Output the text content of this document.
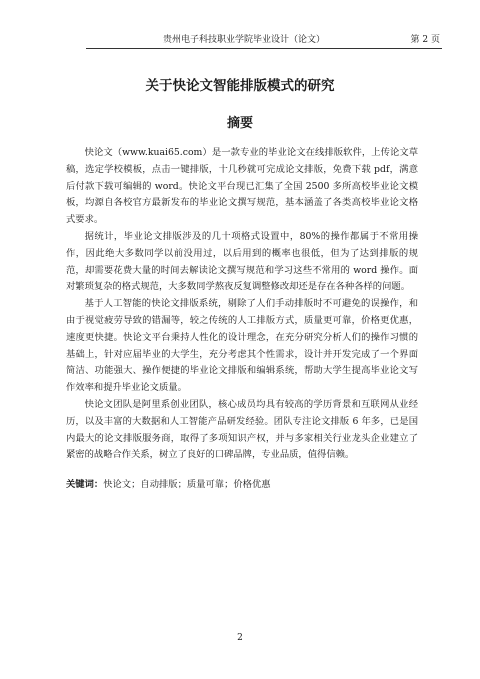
贵州电子科技职业学院毕业设计（论文）	第 2 页
关于快论文智能排版模式的研究
摘要

快论文（www.kuai65.com）是一款专业的毕业论文在线排版软件，上传论文草稿，选定学校模板，点击一键排版，十几秒就可完成论文排版，免费下载 pdf，满意后付款下载可编辑的 word。快论文平台现已汇集了全国 2500 多所高校毕业论文模板，均源自各校官方最新发布的毕业论文撰写规范，基本涵盖了各类高校毕业论文格式要求。

据统计，毕业论文排版涉及的几十项格式设置中，80%的操作都属于不常用操作，因此绝大多数同学以前没用过，以后用到的概率也很低，但为了达到排版的规范，却需要花费大量的时间去解读论文撰写规范和学习这些不常用的 word 操作。面对繁琐复杂的格式规范，大多数同学熬夜反复调整修改却还是存在各种各样的问题。

基于人工智能的快论文排版系统，剔除了人们手动排版时不可避免的误操作，和由于视觉疲劳导致的错漏等，较之传统的人工排版方式，质量更可靠，价格更优惠，速度更快捷。快论文平台秉持人性化的设计理念，在充分研究分析人们的操作习惯的基础上，针对应届毕业的大学生，充分考虑其个性需求，设计并开发完成了一个界面简洁、功能强大、操作便捷的毕业论文排版和编辑系统，帮助大学生提高毕业论文写作效率和提升毕业论文质量。

快论文团队是阿里系创业团队，核心成员均具有较高的学历背景和互联网从业经历，以及丰富的大数据和人工智能产品研发经验。团队专注论文排版 6 年多，已是国内最大的论文排版服务商，取得了多项知识产权，并与多家相关行业龙头企业建立了紧密的战略合作关系，树立了良好的口碑品牌，专业品质，值得信赖。

关键词：快论文；自动排版；质量可靠；价格优惠

2
